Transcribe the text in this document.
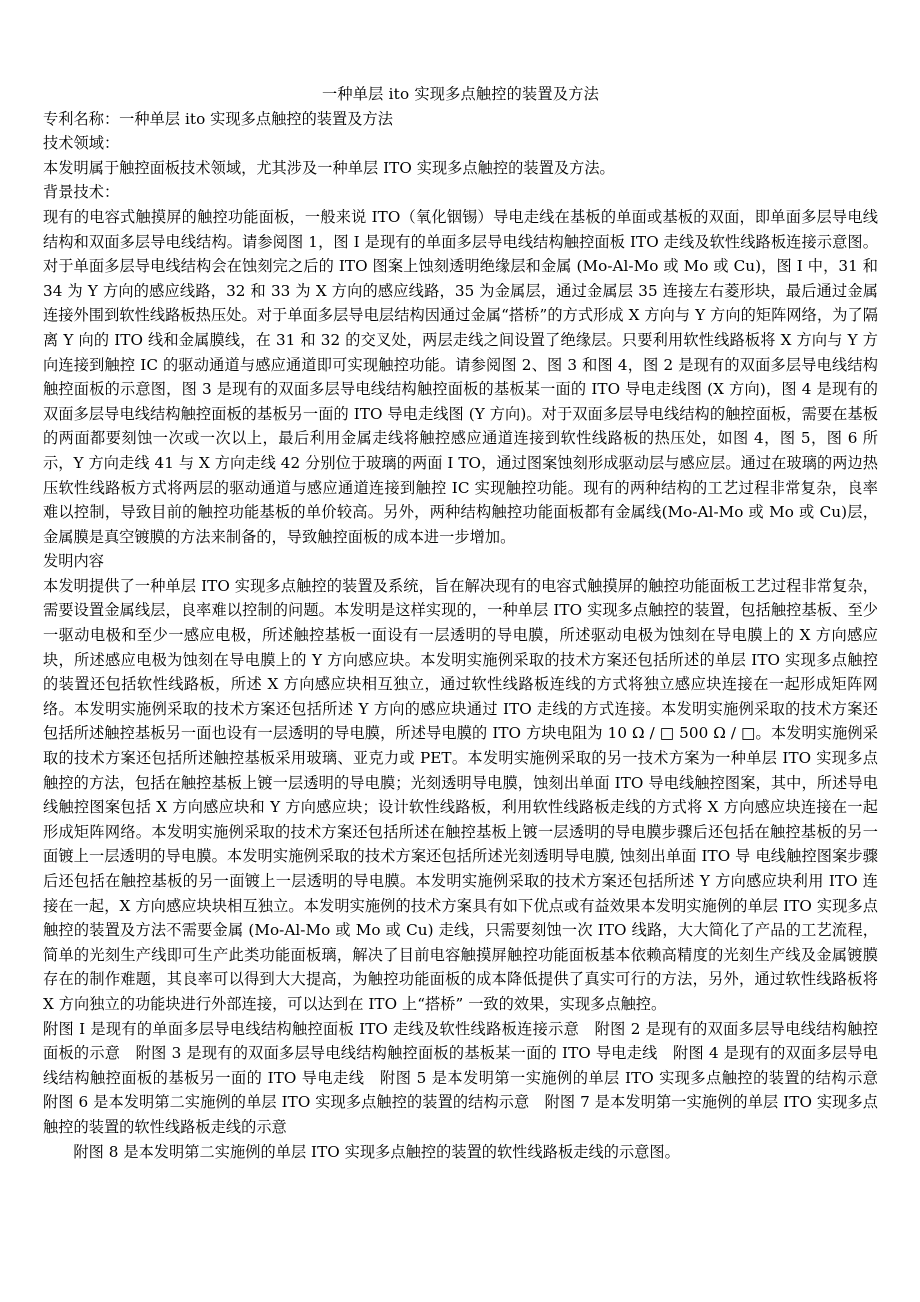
一种单层 ito 实现多点触控的装置及方法

专利名称：一种单层 ito 实现多点触控的装置及方法

技术领域：

本发明属于触控面板技术领域，尤其涉及一种单层 ITO 实现多点触控的装置及方法。

背景技术：

现有的电容式触摸屏的触控功能面板，一般来说 ITO（氧化铟锡）导电走线在基板的单面或基板的双面，即单面多层导电线结构和双面多层导电线结构。请参阅图 1，图 I 是现有的单面多层导电线结构触控面板 ITO 走线及软性线路板连接示意图。对于单面多层导电线结构会在蚀刻完之后的 ITO 图案上蚀刻透明绝缘层和金属 (Mo-Al-Mo 或 Mo 或 Cu)，图 I 中，31 和 34 为 Y 方向的感应线路，32 和 33 为 X 方向的感应线路，35 为金属层，通过金属层 35 连接左右菱形块，最后通过金属连接外围到软性线路板热压处。对于单面多层导电层结构因通过金属“搭桥”的方式形成 X 方向与 Y 方向的矩阵网络，为了隔离 Y 向的 ITO 线和金属膜线，在 31 和 32 的交叉处，两层走线之间设置了绝缘层。只要利用软性线路板将 X 方向与 Y 方向连接到触控 IC 的驱动通道与感应通道即可实现触控功能。请参阅图 2、图 3 和图 4，图 2 是现有的双面多层导电线结构触控面板的示意图，图 3 是现有的双面多层导电线结构触控面板的基板某一面的 ITO 导电走线图 (X 方向)，图 4 是现有的双面多层导电线结构触控面板的基板另一面的 ITO 导电走线图 (Y 方向)。对于双面多层导电线结构的触控面板，需要在基板的两面都要刻蚀一次或一次以上，最后利用金属走线将触控感应通道连接到软性线路板的热压处，如图 4，图 5，图 6 所示，Y 方向走线 41 与 X 方向走线 42 分别位于玻璃的两面 I TO，通过图案蚀刻形成驱动层与感应层。通过在玻璃的两边热压软性线路板方式将两层的驱动通道与感应通道连接到触控 IC 实现触控功能。现有的两种结构的工艺过程非常复杂，良率难以控制，导致目前的触控功能基板的单价较高。另外，两种结构触控功能面板都有金属线(Mo-Al-Mo 或 Mo 或 Cu)层，金属膜是真空镀膜的方法来制备的，导致触控面板的成本进一步增加。

发明内容

本发明提供了一种单层 ITO 实现多点触控的装置及系统，旨在解决现有的电容式触摸屏的触控功能面板工艺过程非常复杂，需要设置金属线层，良率难以控制的问题。本发明是这样实现的，一种单层 ITO 实现多点触控的装置，包括触控基板、至少一驱动电极和至少一感应电极，所述触控基板一面设有一层透明的导电膜，所述驱动电极为蚀刻在导电膜上的 X 方向感应块，所述感应电极为蚀刻在导电膜上的 Y 方向感应块。本发明实施例采取的技术方案还包括所述的单层 ITO 实现多点触控的装置还包括软性线路板，所述 X 方向感应块相互独立，通过软性线路板连线的方式将独立感应块连接在一起形成矩阵网络。本发明实施例采取的技术方案还包括所述 Y 方向的感应块通过 ITO 走线的方式连接。本发明实施例采取的技术方案还包括所述触控基板另一面也设有一层透明的导电膜，所述导电膜的 ITO 方块电阻为 10 Ω / □ 500 Ω / □。本发明实施例采取的技术方案还包括所述触控基板采用玻璃、亚克力或 PET。本发明实施例采取的另一技术方案为一种单层 ITO 实现多点触控的方法，包括在触控基板上镀一层透明的导电膜；光刻透明导电膜，蚀刻出单面 ITO 导电线触控图案，其中，所述导电线触控图案包括 X 方向感应块和 Y 方向感应块；设计软性线路板，利用软性线路板走线的方式将 X 方向感应块连接在一起形成矩阵网络。本发明实施例采取的技术方案还包括所述在触控基板上镀一层透明的导电膜步骤后还包括在触控基板的另一面镀上一层透明的导电膜。本发明实施例采取的技术方案还包括所述光刻透明导电膜, 蚀刻出单面 ITO 导 电线触控图案步骤后还包括在触控基板的另一面镀上一层透明的导电膜。本发明实施例采取的技术方案还包括所述 Y 方向感应块利用 ITO 连接在一起，X 方向感应块块相互独立。本发明实施例的技术方案具有如下优点或有益效果本发明实施例的单层 ITO 实现多点触控的装置及方法不需要金属 (Mo-Al-Mo 或 Mo 或 Cu) 走线，只需要刻蚀一次 ITO 线路，大大简化了产品的工艺流程，简单的光刻生产线即可生产此类功能面板璃，解决了目前电容触摸屏触控功能面板基本依赖高精度的光刻生产线及金属镀膜存在的制作难题，其良率可以得到大大提高，为触控功能面板的成本降低提供了真实可行的方法，另外，通过软性线路板将 X 方向独立的功能块进行外部连接，可以达到在 ITO 上“搭桥” 一致的效果，实现多点触控。

附图 I 是现有的单面多层导电线结构触控面板 ITO 走线及软性线路板连接示意　附图 2 是现有的双面多层导电线结构触控面板的示意　附图 3 是现有的双面多层导电线结构触控面板的基板某一面的 ITO 导电走线　附图 4 是现有的双面多层导电线结构触控面板的基板另一面的 ITO 导电走线　附图 5 是本发明第一实施例的单层 ITO 实现多点触控的装置的结构示意　附图 6 是本发明第二实施例的单层 ITO 实现多点触控的装置的结构示意　附图 7 是本发明第一实施例的单层 ITO 实现多点触控的装置的软性线路板走线的示意

附图 8 是本发明第二实施例的单层 ITO 实现多点触控的装置的软性线路板走线的示意图。
